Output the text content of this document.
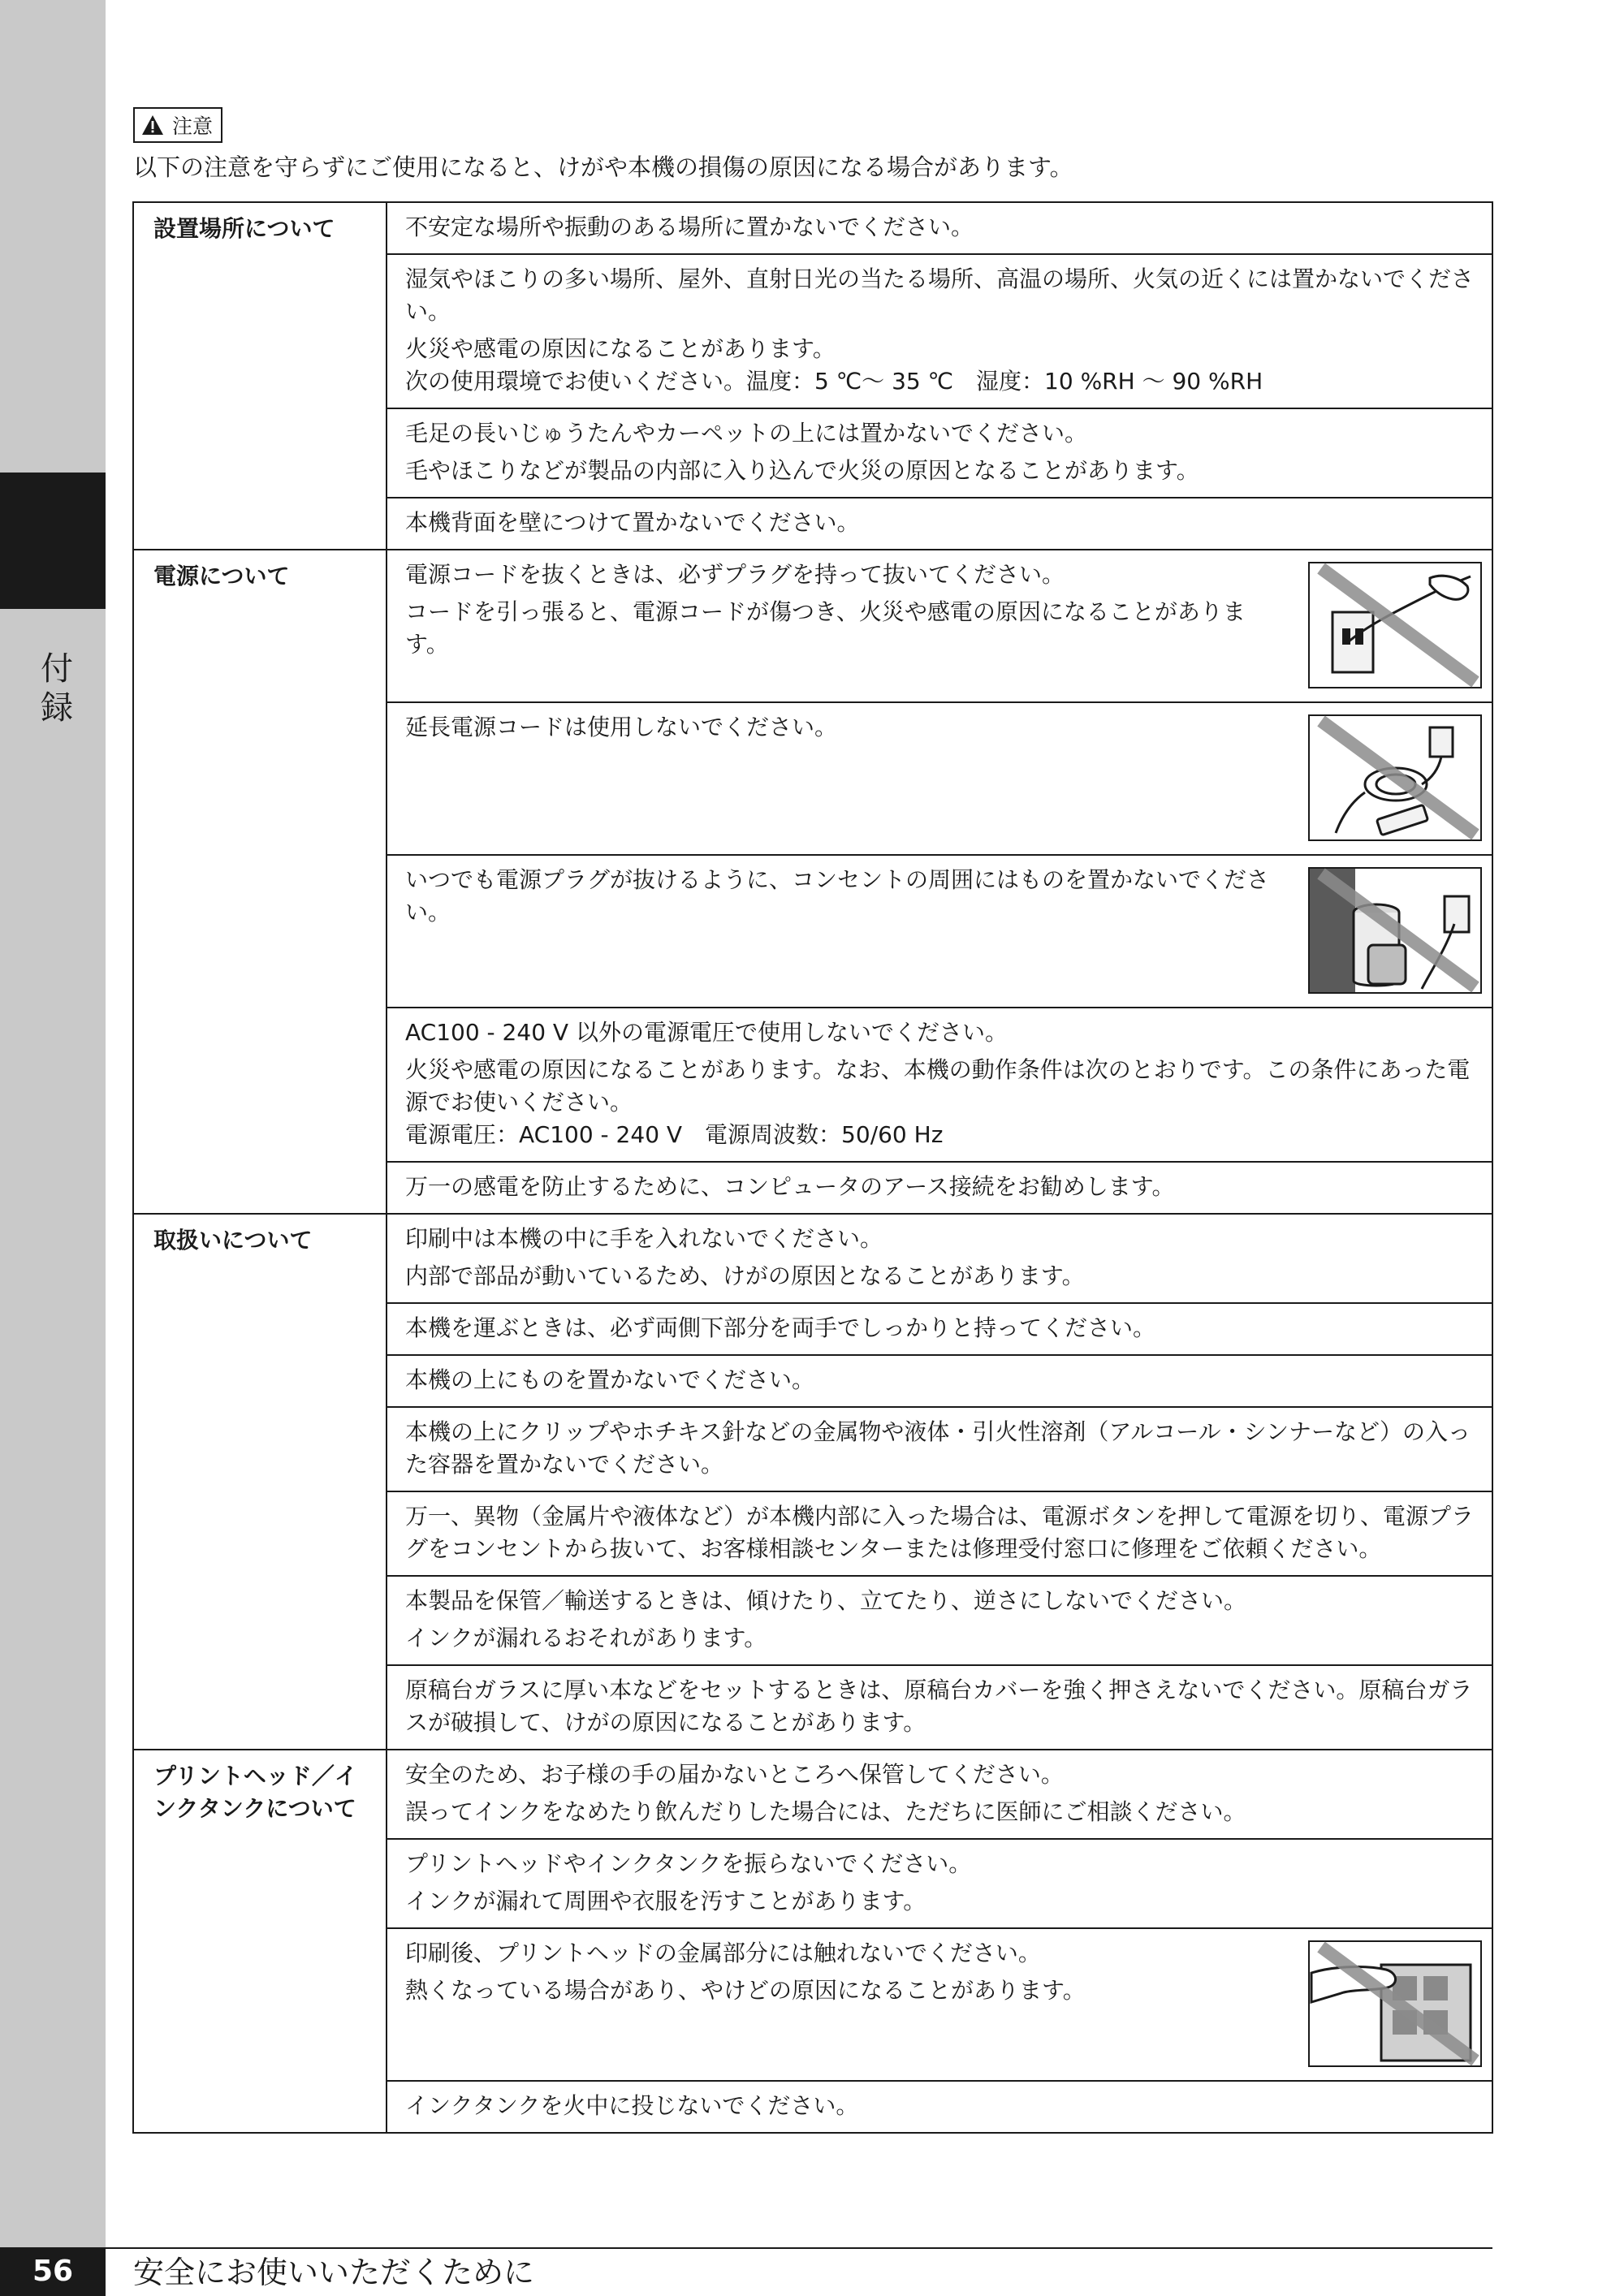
付
録
注意
以下の注意を守らずにご使用になると、けがや本機の損傷の原因になる場合があります。
設置場所について	不安定な場所や振動のある場所に置かないでください。

	湿気やほこりの多い場所、屋外、直射日光の当たる場所、高温の場所、火気の近くには置かないでください。

火災や感電の原因になることがあります。

次の使用環境でお使いください。温度：5 ℃～ 35 ℃　湿度：10 %RH ～ 90 %RH

	毛足の長いじゅうたんやカーペットの上には置かないでください。

毛やほこりなどが製品の内部に入り込んで火災の原因となることがあります。

	本機背面を壁につけて置かないでください。

電源について	電源コードを抜くときは、必ずプラグを持って抜いてください。

コードを引っ張ると、電源コードが傷つき、火災や感電の原因になることがあります。

	延長電源コードは使用しないでください。

	いつでも電源プラグが抜けるように、コンセントの周囲にはものを置かないでください。

	AC100 - 240 V 以外の電源電圧で使用しないでください。

火災や感電の原因になることがあります。なお、本機の動作条件は次のとおりです。この条件にあった電源でお使いください。

電源電圧：AC100 - 240 V　電源周波数：50/60 Hz

	万一の感電を防止するために、コンピュータのアース接続をお勧めします。

取扱いについて	印刷中は本機の中に手を入れないでください。

内部で部品が動いているため、けがの原因となることがあります。

	本機を運ぶときは、必ず両側下部分を両手でしっかりと持ってください。

	本機の上にものを置かないでください。

	本機の上にクリップやホチキス針などの金属物や液体・引火性溶剤（アルコール・シンナーなど）の入った容器を置かないでください。

	万一、異物（金属片や液体など）が本機内部に入った場合は、電源ボタンを押して電源を切り、電源プラグをコンセントから抜いて、お客様相談センターまたは修理受付窓口に修理をご依頼ください。

	本製品を保管／輸送するときは、傾けたり、立てたり、逆さにしないでください。

インクが漏れるおそれがあります。

	原稿台ガラスに厚い本などをセットするときは、原稿台カバーを強く押さえないでください。原稿台ガラスが破損して、けがの原因になることがあります。

プリントヘッド／インクタンクについて	安全のため、お子様の手の届かないところへ保管してください。

誤ってインクをなめたり飲んだりした場合には、ただちに医師にご相談ください。

	プリントヘッドやインクタンクを振らないでください。

インクが漏れて周囲や衣服を汚すことがあります。

	印刷後、プリントヘッドの金属部分には触れないでください。

熱くなっている場合があり、やけどの原因になることがあります。

	インクタンクを火中に投じないでください。

56	安全にお使いいただくために
